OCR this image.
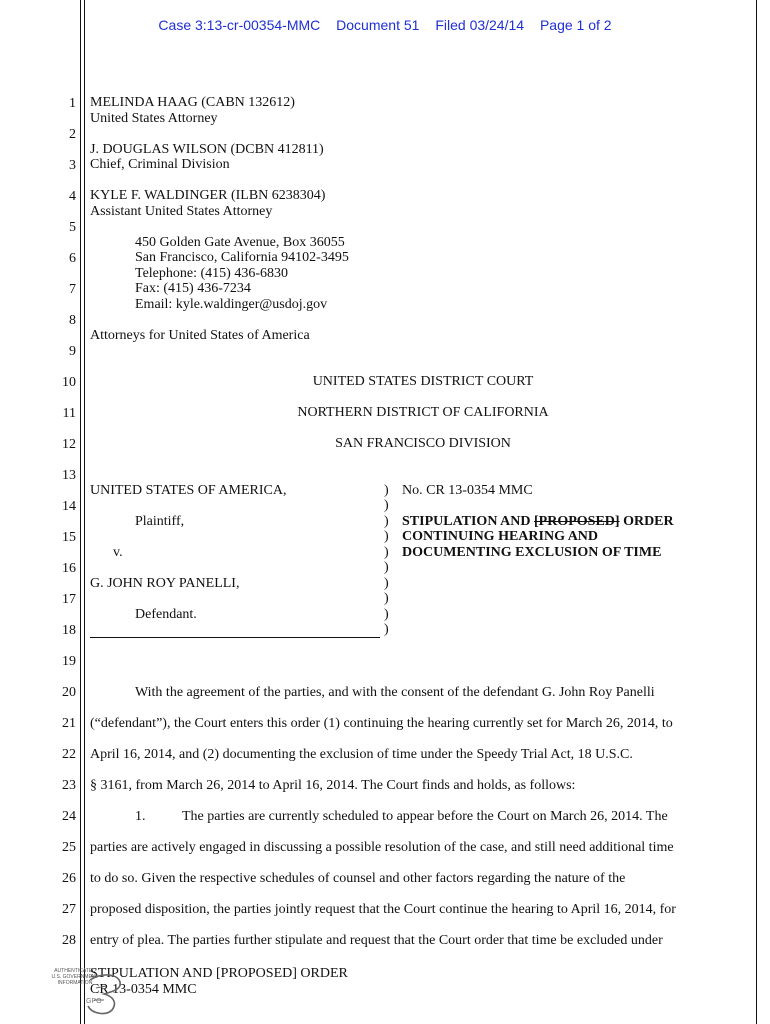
Case 3:13-cr-00354-MMC Document 51 Filed 03/24/14 Page 1 of 2
1
2
3
4
5
6
7
8
9
10
11
12
13
14
15
16
17
18
19
20
21
22
23
24
25
26
27
28
MELINDA HAAG (CABN 132612)
United States Attorney
J. DOUGLAS WILSON (DCBN 412811)
Chief, Criminal Division
KYLE F. WALDINGER (ILBN 6238304)
Assistant United States Attorney
450 Golden Gate Avenue, Box 36055
San Francisco, California 94102-3495
Telephone: (415) 436-6830
Fax: (415) 436-7234
Email: kyle.waldinger@usdoj.gov
Attorneys for United States of America
UNITED STATES DISTRICT COURT
NORTHERN DISTRICT OF CALIFORNIA
SAN FRANCISCO DIVISION
UNITED STATES OF AMERICA,
Plaintiff,
v.
G. JOHN ROY PANELLI,
Defendant.
)
)
)
)
)
)
)
)
)
)
No. CR 13-0354 MMC
STIPULATION AND [PROPOSED] ORDER
CONTINUING HEARING AND
DOCUMENTING EXCLUSION OF TIME
With the agreement of the parties, and with the consent of the defendant G. John Roy Panelli
(“defendant”), the Court enters this order (1) continuing the hearing currently set for March 26, 2014, to
April 16, 2014, and (2) documenting the exclusion of time under the Speedy Trial Act, 18 U.S.C.
§ 3161, from March 26, 2014 to April 16, 2014. The Court finds and holds, as follows:
1.	The parties are currently scheduled to appear before the Court on March 26, 2014. The
parties are actively engaged in discussing a possible resolution of the case, and still need additional time
to do so. Given the respective schedules of counsel and other factors regarding the nature of the
proposed disposition, the parties jointly request that the Court continue the hearing to April 16, 2014, for
entry of plea. The parties further stipulate and request that the Court order that time be excluded under
STIPULATION AND [PROPOSED] ORDER
CR 13-0354 MMC
AUTHENTICATED
U.S. GOVERNMENT
INFORMATION
GPO
